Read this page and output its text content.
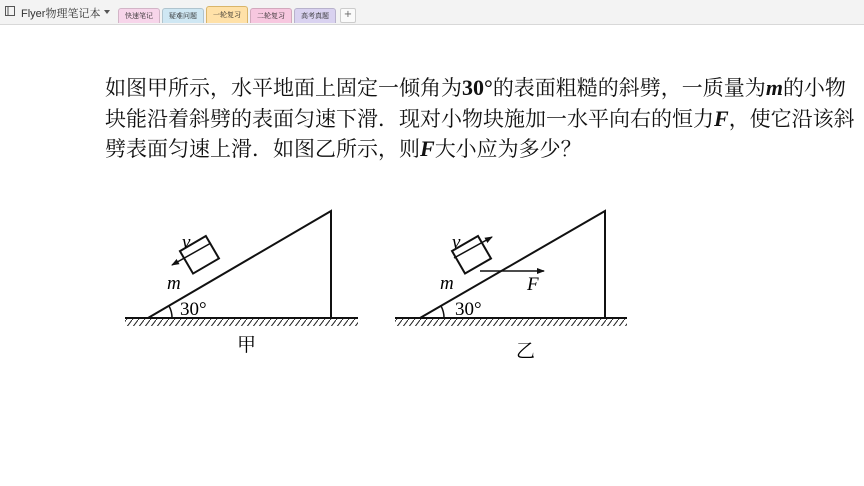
Flyer物理笔记本	快速笔记	疑难问题	一轮复习	二轮复习	高考真题	+
如图甲所示，水平地面上固定一倾角为30°的表面粗糙的斜劈，一质量为m的小物块能沿着斜劈的表面匀速下滑．现对小物块施加一水平向右的恒力F，使它沿该斜劈表面匀速上滑．如图乙所示，则F大小应为多少？
v
m
30°
甲
v
m	F
30°
乙
